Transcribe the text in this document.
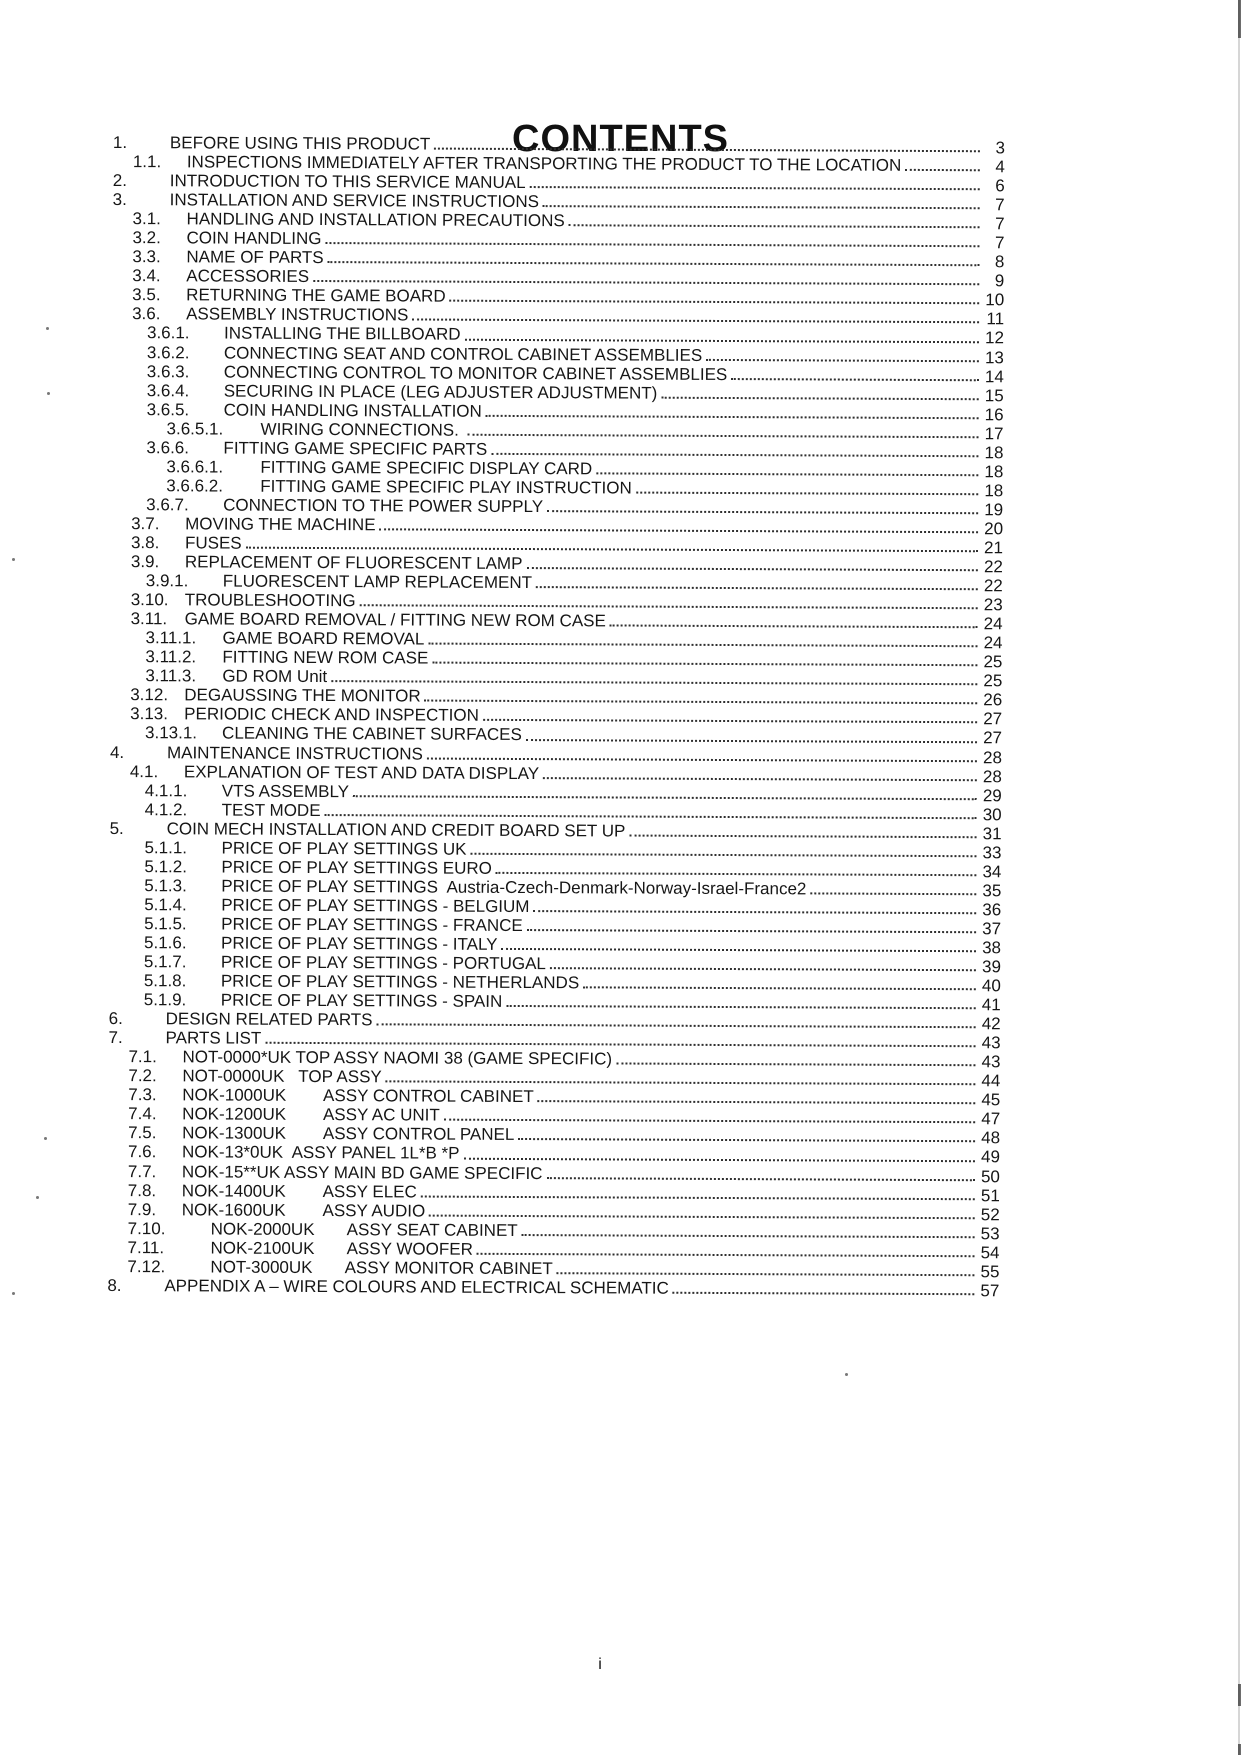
CONTENTS
1.	BEFORE USING THIS PRODUCT	3
1.1.	INSPECTIONS IMMEDIATELY AFTER TRANSPORTING THE PRODUCT TO THE LOCATION	4
2.	INTRODUCTION TO THIS SERVICE MANUAL	6
3.	INSTALLATION AND SERVICE INSTRUCTIONS	7
3.1.	HANDLING AND INSTALLATION PRECAUTIONS	7
3.2.	COIN HANDLING	7
3.3.	NAME OF PARTS	8
3.4.	ACCESSORIES	9
3.5.	RETURNING THE GAME BOARD	10
3.6.	ASSEMBLY INSTRUCTIONS	11
3.6.1.	INSTALLING THE BILLBOARD	12
3.6.2.	CONNECTING SEAT AND CONTROL CABINET ASSEMBLIES	13
3.6.3.	CONNECTING CONTROL TO MONITOR CABINET ASSEMBLIES	14
3.6.4.	SECURING IN PLACE (LEG ADJUSTER ADJUSTMENT)	15
3.6.5.	COIN HANDLING INSTALLATION	16
3.6.5.1.	WIRING CONNECTIONS.	17
3.6.6.	FITTING GAME SPECIFIC PARTS	18
3.6.6.1.	FITTING GAME SPECIFIC DISPLAY CARD	18
3.6.6.2.	FITTING GAME SPECIFIC PLAY INSTRUCTION	18
3.6.7.	CONNECTION TO THE POWER SUPPLY	19
3.7.	MOVING THE MACHINE	20
3.8.	FUSES	21
3.9.	REPLACEMENT OF FLUORESCENT LAMP	22
3.9.1.	FLUORESCENT LAMP REPLACEMENT	22
3.10. TROUBLESHOOTING	23
3.11.	GAME BOARD REMOVAL / FITTING NEW ROM CASE	24
3.11.1.	GAME BOARD REMOVAL	24
3.11.2.	FITTING NEW ROM CASE	25
3.11.3.	GD ROM Unit	25
3.12. DEGAUSSING THE MONITOR	26
3.13. PERIODIC CHECK AND INSPECTION	27
3.13.1.	CLEANING THE CABINET SURFACES	27
4.	MAINTENANCE INSTRUCTIONS	28
4.1.	EXPLANATION OF TEST AND DATA DISPLAY	28
4.1.1.	VTS ASSEMBLY	29
4.1.2.	TEST MODE	30
5.	COIN MECH INSTALLATION AND CREDIT BOARD SET UP	31
5.1.1.	PRICE OF PLAY SETTINGS UK	33
5.1.2.	PRICE OF PLAY SETTINGS EURO	34
5.1.3.	PRICE OF PLAY SETTINGS  Austria-Czech-Denmark-Norway-Israel-France2	35
5.1.4.	PRICE OF PLAY SETTINGS - BELGIUM	36
5.1.5.	PRICE OF PLAY SETTINGS - FRANCE	37
5.1.6.	PRICE OF PLAY SETTINGS - ITALY	38
5.1.7.	PRICE OF PLAY SETTINGS - PORTUGAL	39
5.1.8.	PRICE OF PLAY SETTINGS - NETHERLANDS	40
5.1.9.	PRICE OF PLAY SETTINGS - SPAIN	41
6.	DESIGN RELATED PARTS	42
7.	PARTS LIST	43
7.1.	NOT-0000*UK TOP ASSY NAOMI 38 (GAME SPECIFIC)	43
7.2.	NOT-0000UK   TOP ASSY	44
7.3.	NOK-1000UK        ASSY CONTROL CABINET	45
7.4.	NOK-1200UK        ASSY AC UNIT	47
7.5.	NOK-1300UK        ASSY CONTROL PANEL	48
7.6.	NOK-13*0UK  ASSY PANEL 1L*B *P	49
7.7.	NOK-15**UK ASSY MAIN BD GAME SPECIFIC	50
7.8.	NOK-1400UK        ASSY ELEC	51
7.9.	NOK-1600UK        ASSY AUDIO	52
7.10.	NOK-2000UK       ASSY SEAT CABINET	53
7.11.	NOK-2100UK       ASSY WOOFER	54
7.12.	NOT-3000UK       ASSY MONITOR CABINET	55
8.	APPENDIX A – WIRE COLOURS AND ELECTRICAL SCHEMATIC	57
i
